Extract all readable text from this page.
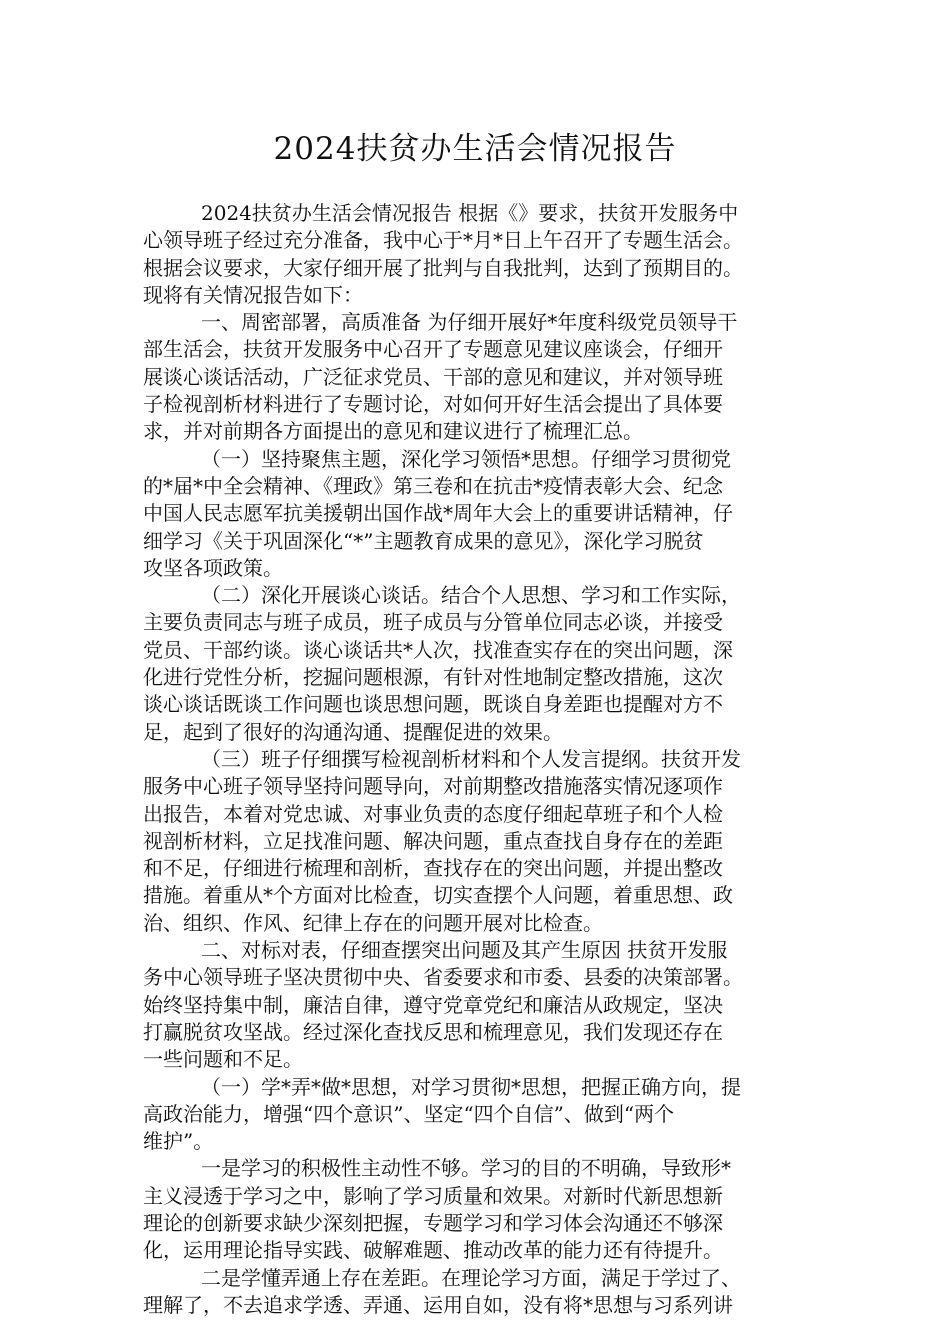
2024扶贫办生活会情况报告
2024扶贫办生活会情况报告 根据《》要求，扶贫开发服务中
心领导班子经过充分准备，我中心于*月*日上午召开了专题生活会。
根据会议要求，大家仔细开展了批判与自我批判，达到了预期目的。
现将有关情况报告如下：
一、周密部署，高质准备 为仔细开展好*年度科级党员领导干
部生活会，扶贫开发服务中心召开了专题意见建议座谈会，仔细开
展谈心谈话活动，广泛征求党员、干部的意见和建议，并对领导班
子检视剖析材料进行了专题讨论，对如何开好生活会提出了具体要
求，并对前期各方面提出的意见和建议进行了梳理汇总。
（一）坚持聚焦主题，深化学习领悟*思想。仔细学习贯彻党
的*届*中全会精神、《理政》第三卷和在抗击*疫情表彰大会、纪念
中国人民志愿军抗美援朝出国作战*周年大会上的重要讲话精神，仔
细学习《关于巩固深化“*”主题教育成果的意见》，深化学习脱贫
攻坚各项政策。
（二）深化开展谈心谈话。结合个人思想、学习和工作实际，
主要负责同志与班子成员，班子成员与分管单位同志必谈，并接受
党员、干部约谈。谈心谈话共*人次，找准查实存在的突出问题，深
化进行党性分析，挖掘问题根源，有针对性地制定整改措施，这次
谈心谈话既谈工作问题也谈思想问题，既谈自身差距也提醒对方不
足，起到了很好的沟通沟通、提醒促进的效果。
（三）班子仔细撰写检视剖析材料和个人发言提纲。扶贫开发
服务中心班子领导坚持问题导向，对前期整改措施落实情况逐项作
出报告，本着对党忠诚、对事业负责的态度仔细起草班子和个人检
视剖析材料，立足找准问题、解决问题，重点查找自身存在的差距
和不足，仔细进行梳理和剖析，查找存在的突出问题，并提出整改
措施。着重从*个方面对比检查，切实查摆个人问题，着重思想、政
治、组织、作风、纪律上存在的问题开展对比检查。
二、对标对表，仔细查摆突出问题及其产生原因 扶贫开发服
务中心领导班子坚决贯彻中央、省委要求和市委、县委的决策部署。
始终坚持集中制，廉洁自律，遵守党章党纪和廉洁从政规定，坚决
打赢脱贫攻坚战。经过深化查找反思和梳理意见，我们发现还存在
一些问题和不足。
（一）学*弄*做*思想，对学习贯彻*思想，把握正确方向，提
高政治能力，增强“四个意识”、坚定“四个自信”、做到“两个
维护”。
一是学习的积极性主动性不够。学习的目的不明确，导致形*
主义浸透于学习之中，影响了学习质量和效果。对新时代新思想新
理论的创新要求缺少深刻把握，专题学习和学习体会沟通还不够深
化，运用理论指导实践、破解难题、推动改革的能力还有待提升。
二是学懂弄通上存在差距。在理论学习方面，满足于学过了、
理解了，不去追求学透、弄通、运用自如，没有将*思想与习系列讲
